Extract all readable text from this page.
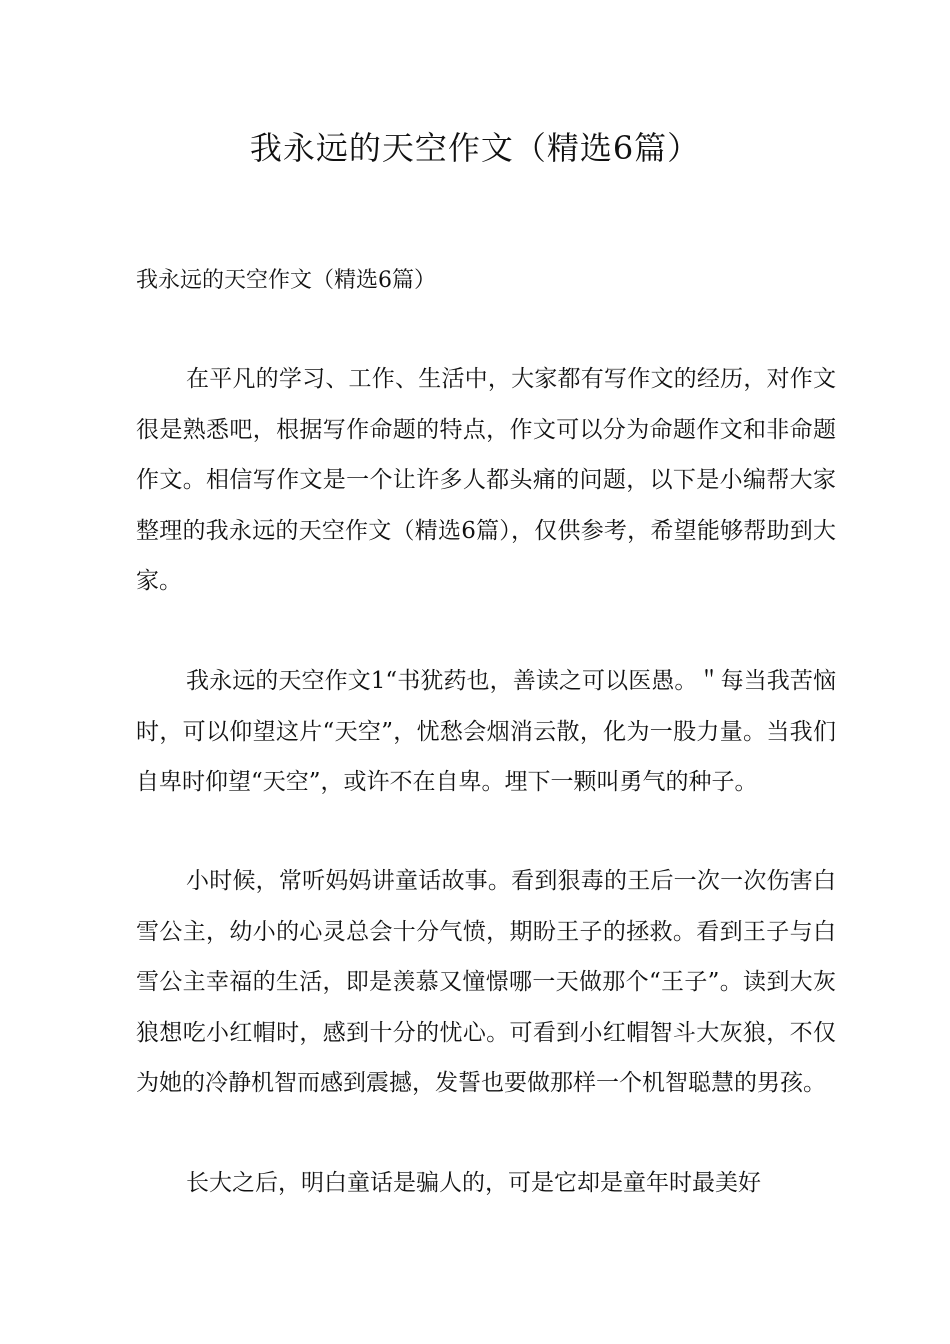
我永远的天空作文（精选6篇）
我永远的天空作文（精选6篇）

在平凡的学习、工作、生活中，大家都有写作文的经历，对作文很是熟悉吧，根据写作命题的特点，作文可以分为命题作文和非命题作文。相信写作文是一个让许多人都头痛的问题，以下是小编帮大家整理的我永远的天空作文（精选6篇），仅供参考，希望能够帮助到大家。

我永远的天空作文1“书犹药也，善读之可以医愚。＂每当我苦恼时，可以仰望这片“天空”，忧愁会烟消云散，化为一股力量。当我们自卑时仰望“天空”，或许不在自卑。埋下一颗叫勇气的种子。

小时候，常听妈妈讲童话故事。看到狠毒的王后一次一次伤害白雪公主，幼小的心灵总会十分气愤，期盼王子的拯救。看到王子与白雪公主幸福的生活，即是羡慕又憧憬哪一天做那个“王子”。读到大灰狼想吃小红帽时，感到十分的忧心。可看到小红帽智斗大灰狼，不仅为她的冷静机智而感到震撼，发誓也要做那样一个机智聪慧的男孩。

长大之后，明白童话是骗人的，可是它却是童年时最美好
